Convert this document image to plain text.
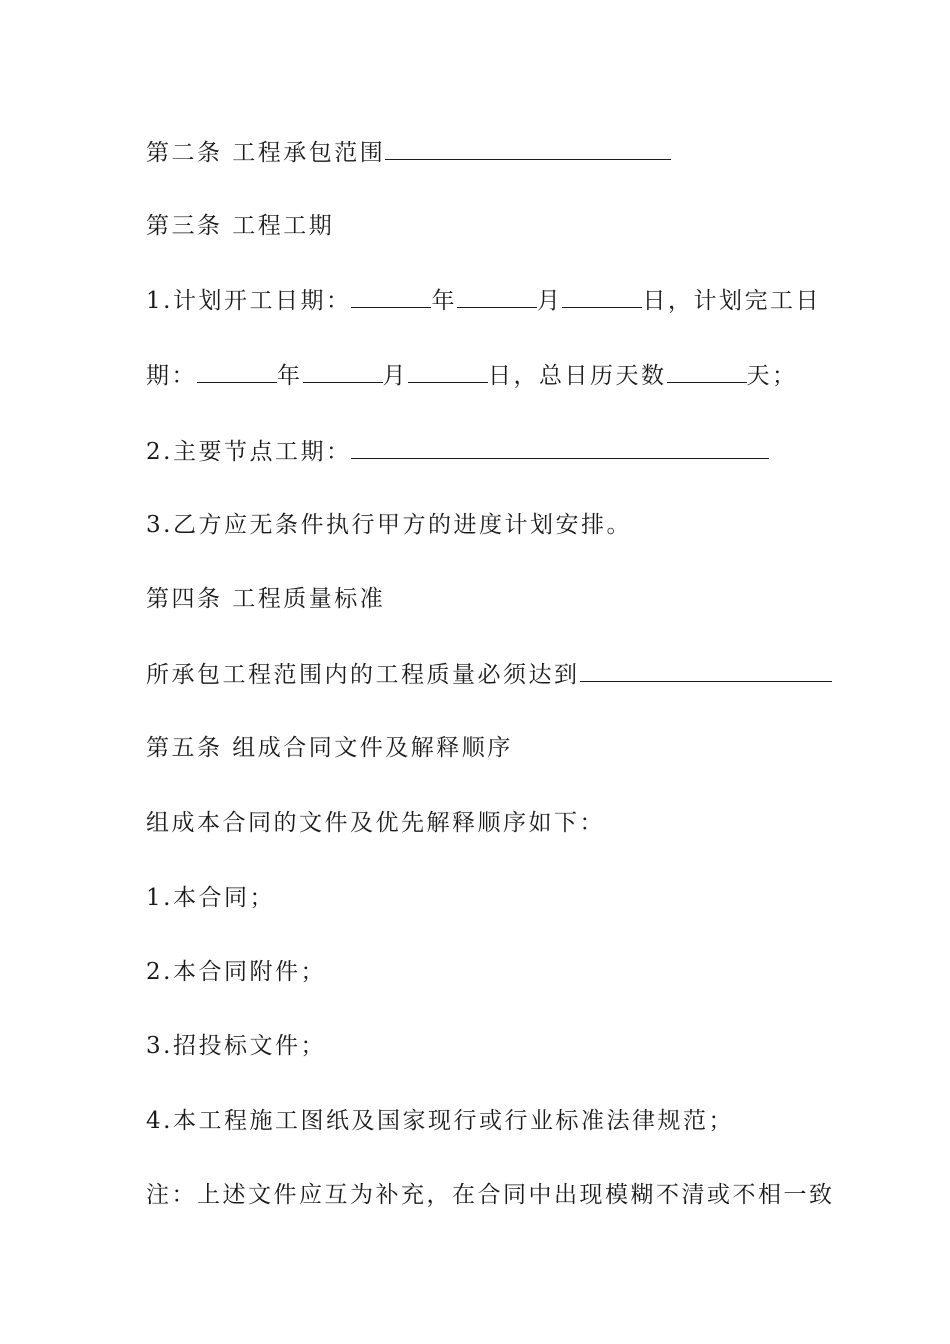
第二条 工程承包范围
第三条 工程工期
1.计划开工日期：	年	月	日，计划完工日
期：	年	月	日，总日历天数	天；
2.主要节点工期：
3.乙方应无条件执行甲方的进度计划安排。
第四条 工程质量标准
所承包工程范围内的工程质量必须达到
第五条 组成合同文件及解释顺序
组成本合同的文件及优先解释顺序如下：
1.本合同；
2.本合同附件；
3.招投标文件；
4.本工程施工图纸及国家现行或行业标准法律规范；
注：上述文件应互为补充，在合同中出现模糊不清或不相一致
